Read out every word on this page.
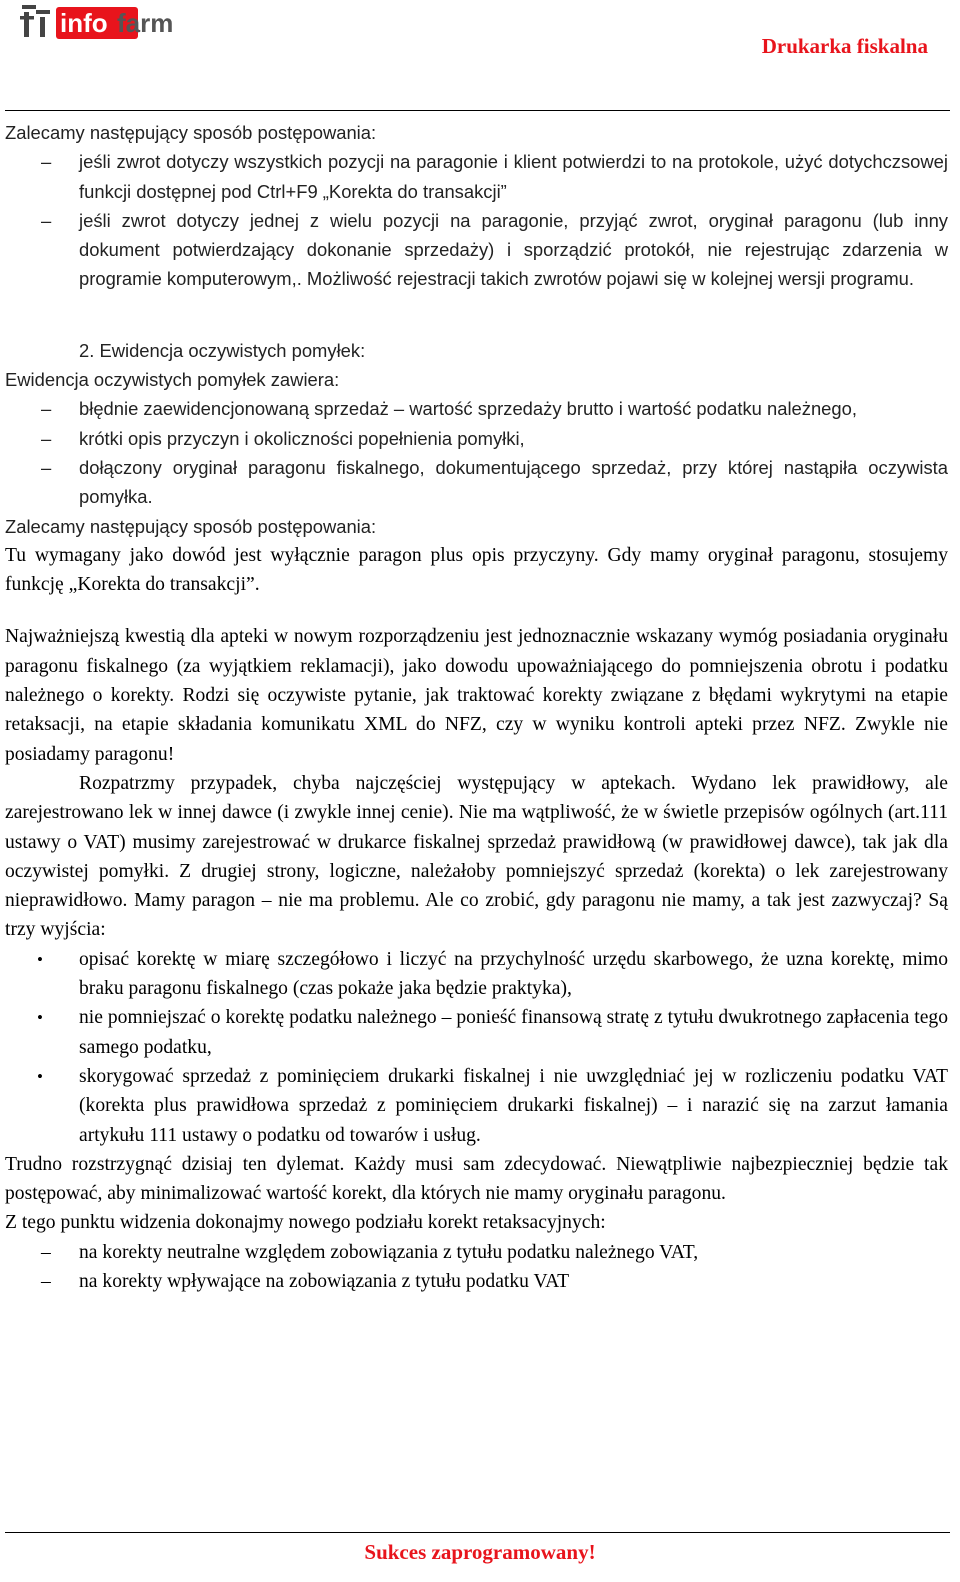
info farm
Drukarka fiskalna

Zalecamy następujący sposób postępowania:

– jeśli zwrot dotyczy wszystkich pozycji na paragonie i klient potwierdzi to na protokole, użyć dotychczsowej funkcji dostępnej pod Ctrl+F9 „Korekta do transakcji”

– jeśli zwrot dotyczy jednej z wielu pozycji na paragonie, przyjąć zwrot, oryginał paragonu (lub inny dokument potwierdzający dokonanie sprzedaży) i sporządzić protokół, nie rejestrując zdarzenia w programie komputerowym,. Możliwość rejestracji takich zwrotów pojawi się w kolejnej wersji programu.

2. Ewidencja oczywistych pomyłek:

Ewidencja oczywistych pomyłek zawiera:

– błędnie zaewidencjonowaną sprzedaż – wartość sprzedaży brutto i wartość podatku należnego,

– krótki opis przyczyn i okoliczności popełnienia pomyłki,

– dołączony oryginał paragonu fiskalnego, dokumentującego sprzedaż, przy której nastąpiła oczywista pomyłka.

Zalecamy następujący sposób postępowania:

Tu wymagany jako dowód jest wyłącznie paragon plus opis przyczyny. Gdy mamy oryginał paragonu, stosujemy funkcję „Korekta do transakcji”.

Najważniejszą kwestią dla apteki w nowym rozporządzeniu jest jednoznacznie wskazany wymóg posiadania oryginału paragonu fiskalnego (za wyjątkiem reklamacji), jako dowodu upoważniającego do pomniejszenia obrotu i podatku należnego o korekty. Rodzi się oczywiste pytanie, jak traktować korekty związane z błędami wykrytymi na etapie retaksacji, na etapie składania komunikatu XML do NFZ, czy w wyniku kontroli apteki przez NFZ. Zwykle nie posiadamy paragonu!

Rozpatrzmy przypadek, chyba najczęściej występujący w aptekach. Wydano lek prawidłowy, ale zarejestrowano lek w innej dawce (i zwykle innej cenie). Nie ma wątpliwość, że w świetle przepisów ogólnych (art.111 ustawy o VAT) musimy zarejestrować w drukarce fiskalnej sprzedaż prawidłową (w prawidłowej dawce), tak jak dla oczywistej pomyłki. Z drugiej strony, logiczne, należałoby pomniejszyć sprzedaż (korekta) o lek zarejestrowany nieprawidłowo. Mamy paragon – nie ma problemu. Ale co zrobić, gdy paragonu nie mamy, a tak jest zazwyczaj? Są trzy wyjścia:

• opisać korektę w miarę szczegółowo i liczyć na przychylność urzędu skarbowego, że uzna korektę, mimo braku paragonu fiskalnego (czas pokaże jaka będzie praktyka),

• nie pomniejszać o korektę podatku należnego – ponieść finansową stratę z tytułu dwukrotnego zapłacenia tego samego podatku,

• skorygować sprzedaż z pominięciem drukarki fiskalnej i nie uwzględniać jej w rozliczeniu podatku VAT (korekta plus prawidłowa sprzedaż z pominięciem drukarki fiskalnej) – i narazić się na zarzut łamania artykułu 111 ustawy o podatku od towarów i usług.

Trudno rozstrzygnąć dzisiaj ten dylemat. Każdy musi sam zdecydować. Niewątpliwie najbezpieczniej będzie tak postępować, aby minimalizować wartość korekt, dla których nie mamy oryginału paragonu.

Z tego punktu widzenia dokonajmy nowego podziału korekt retaksacyjnych:

– na korekty neutralne względem zobowiązania z tytułu podatku należnego VAT,

– na korekty wpływające na zobowiązania z tytułu podatku VAT

Sukces zaprogramowany!
